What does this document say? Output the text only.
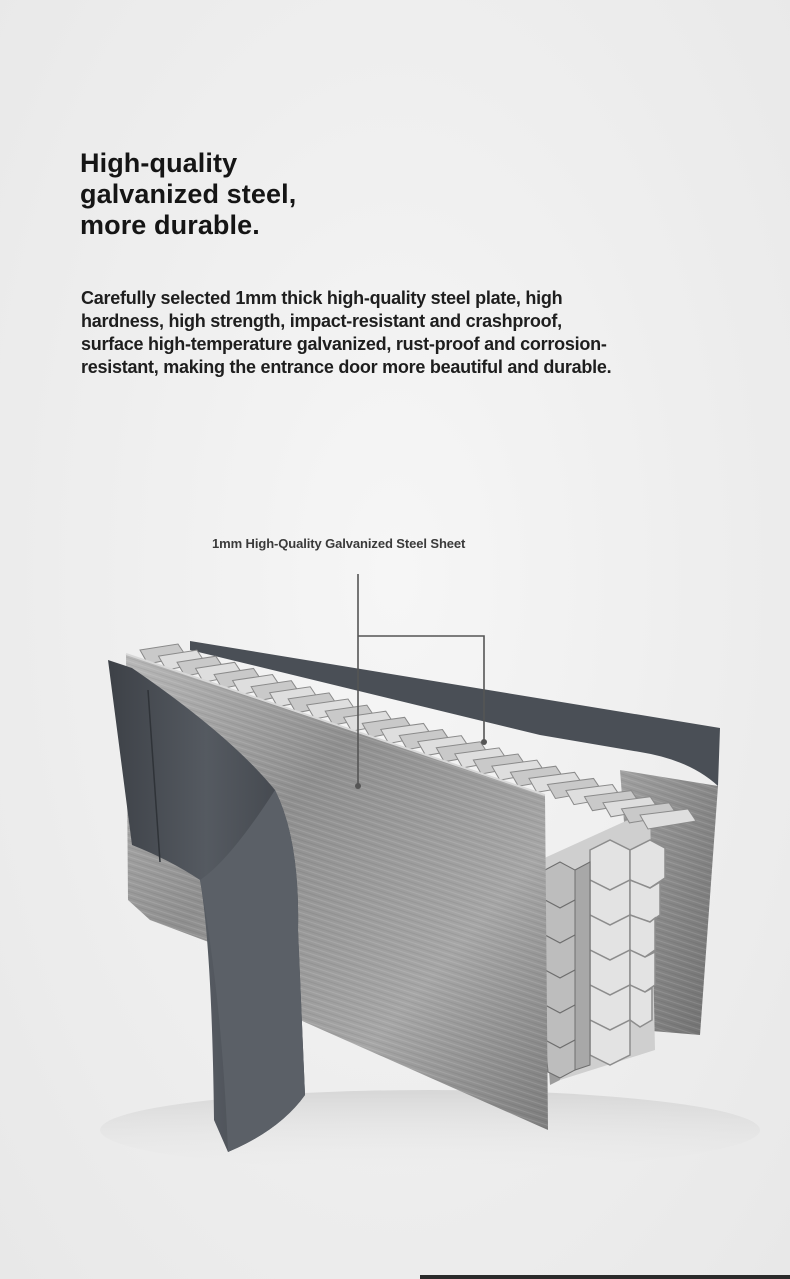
High-quality
galvanized steel,
more durable.

Carefully selected 1mm thick high-quality steel plate, high
hardness, high strength, impact-resistant and crashproof,
surface high-temperature galvanized, rust-proof and corrosion-
resistant, making the entrance door more beautiful and durable.

1mm High-Quality Galvanized Steel Sheet
